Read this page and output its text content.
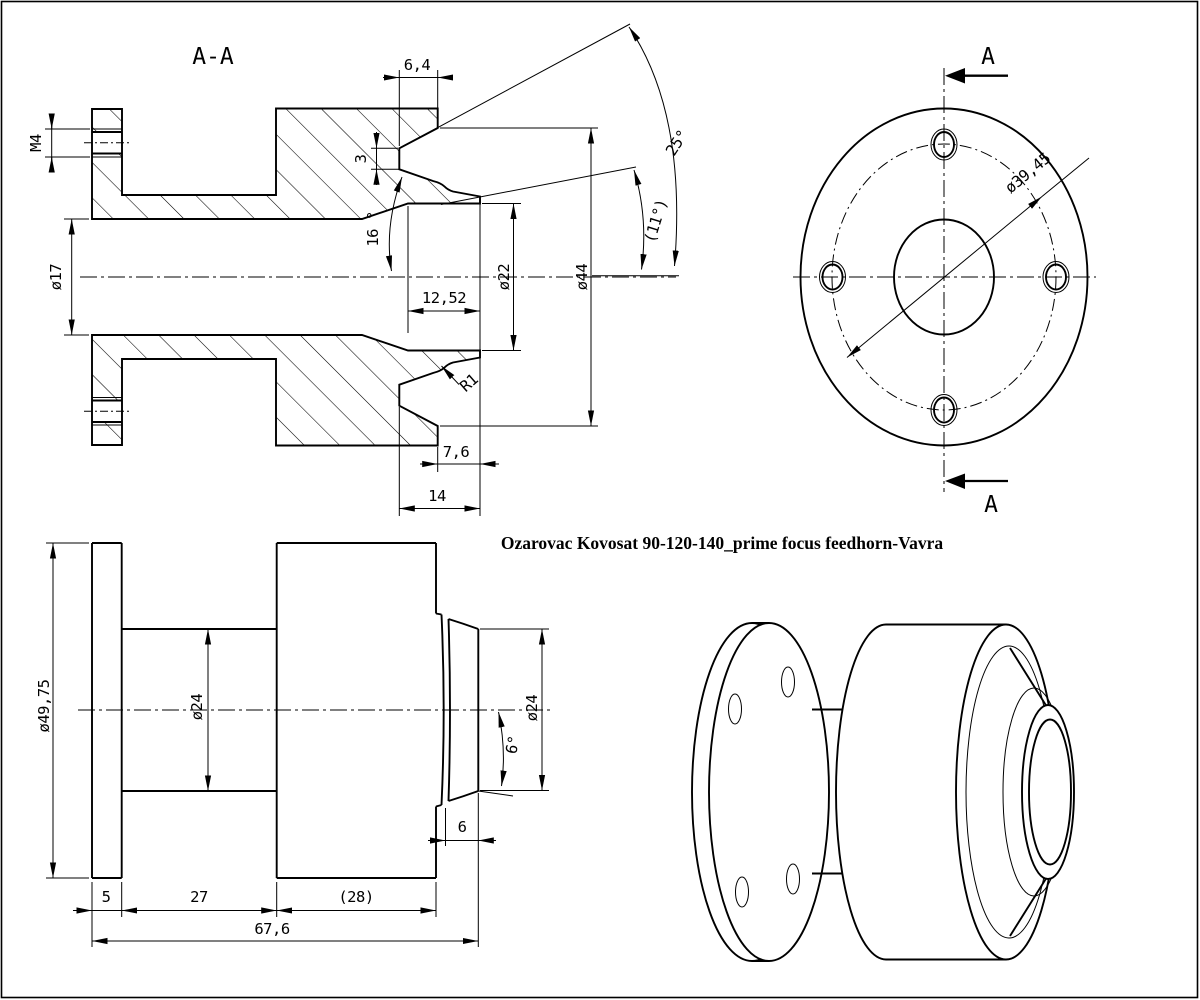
M4
ø17
6,4
3
16 °
12,52
ø22	ø44
25°
(11°)
R1
7,6
14
A-A	A
A
ø39,45
ø49,75	ø24	ø24
6°
6
5	27	(28)
67,6
Ozarovac Kovosat 90-120-140_prime focus feedhorn-Vavra
